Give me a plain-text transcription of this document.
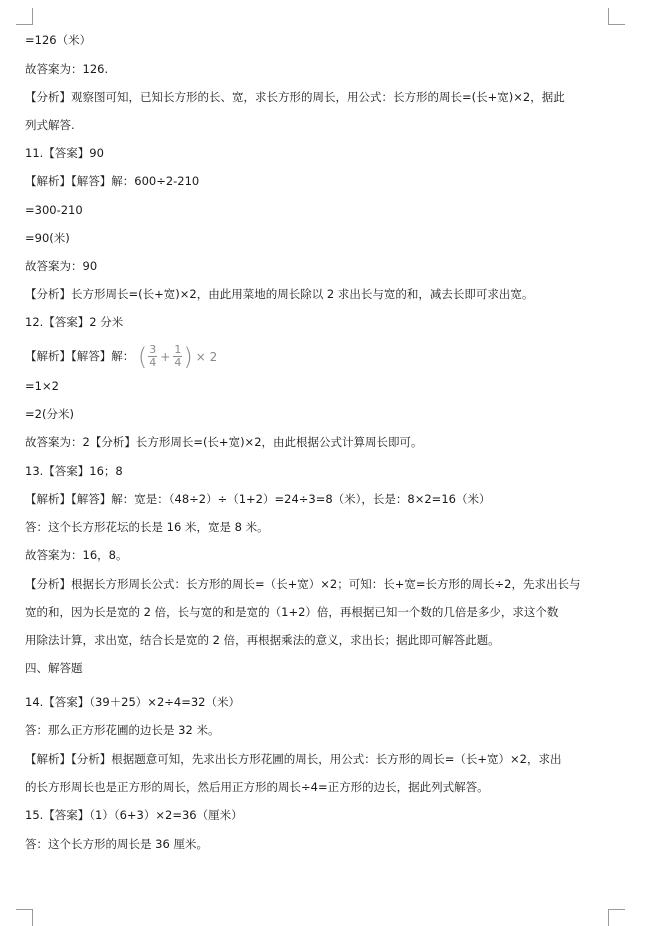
=126（米）
故答案为：126.
【分析】观察图可知，已知长方形的长、宽，求长方形的周长，用公式：长方形的周长=(长+宽)×2，据此
列式解答.
11.【答案】90
【解析】【解答】解：600÷2-210
=300-210
=90(米)
故答案为：90
【分析】长方形周长=(长+宽)×2，由此用菜地的周长除以 2 求出长与宽的和，减去长即可求出宽。
12.【答案】2 分米
=1×2
=2(分米)
故答案为：2【分析】长方形周长=(长+宽)×2，由此根据公式计算周长即可。
13.【答案】16；8
【解析】【解答】解：宽是：（48÷2）÷（1+2）=24÷3=8（米），长是：8×2=16（米）
答：这个长方形花坛的长是 16 米，宽是 8 米。
故答案为：16，8。
【分析】根据长方形周长公式：长方形的周长=（长+宽）×2；可知：长+宽=长方形的周长÷2，先求出长与
宽的和，因为长是宽的 2 倍，长与宽的和是宽的（1+2）倍，再根据已知一个数的几倍是多少，求这个数
用除法计算，求出宽，结合长是宽的 2 倍，再根据乘法的意义，求出长；据此即可解答此题。
四、解答题
14.【答案】（39＋25）×2÷4=32（米）
答：那么正方形花圃的边长是 32 米。
【解析】【分析】根据题意可知，先求出长方形花圃的周长，用公式：长方形的周长=（长+宽）×2，求出
的长方形周长也是正方形的周长，然后用正方形的周长÷4=正方形的边长，据此列式解答。
15.【答案】（1）（6+3）×2=36（厘米）
答：这个长方形的周长是 36 厘米。
【解析】【解答】解： ( $\frac{3}{4} + \frac{1}{4}$ ) × 2
